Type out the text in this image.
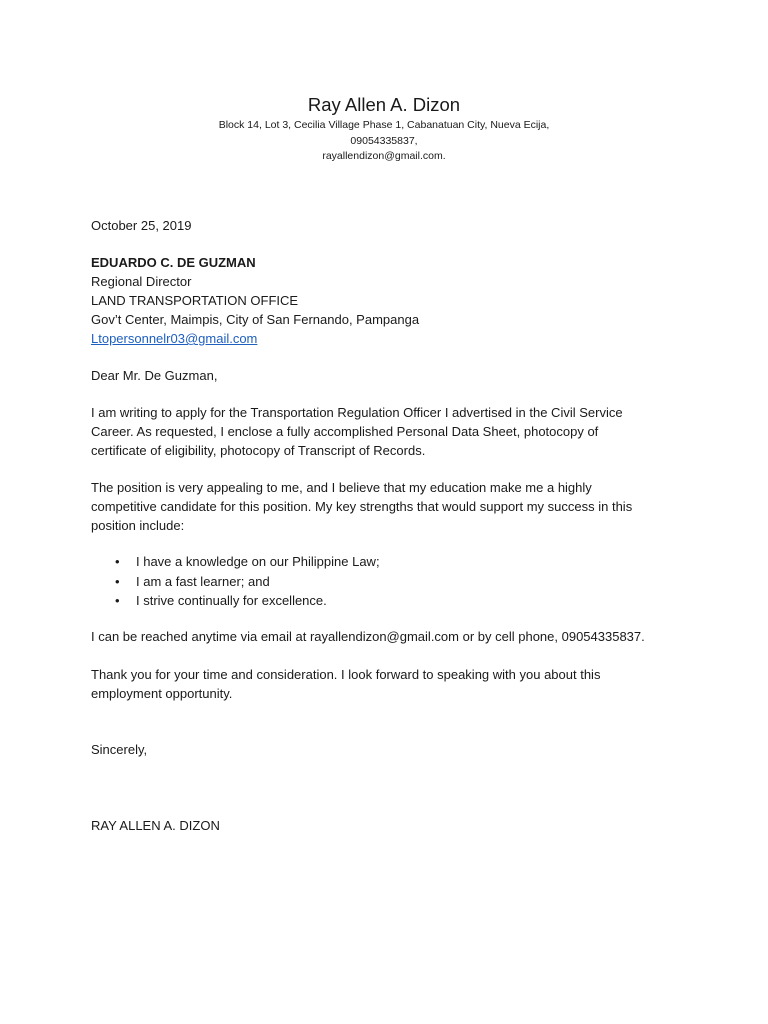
Ray Allen A. Dizon
Block 14, Lot 3, Cecilia Village Phase 1, Cabanatuan City, Nueva Ecija,
09054335837,
rayallendizon@gmail.com.
October 25, 2019
EDUARDO C. DE GUZMAN
Regional Director
LAND TRANSPORTATION OFFICE
Gov’t Center, Maimpis, City of San Fernando, Pampanga
Ltopersonnelr03@gmail.com
Dear Mr. De Guzman,
I am writing to apply for the Transportation Regulation Officer I advertised in the Civil Service
Career. As requested, I enclose a fully accomplished Personal Data Sheet, photocopy of
certificate of eligibility, photocopy of Transcript of Records.
The position is very appealing to me, and I believe that my education make me a highly
competitive candidate for this position. My key strengths that would support my success in this
position include:
• I have a knowledge on our Philippine Law;
• I am a fast learner; and
• I strive continually for excellence.
I can be reached anytime via email at rayallendizon@gmail.com or by cell phone, 09054335837.
Thank you for your time and consideration. I look forward to speaking with you about this
employment opportunity.
Sincerely,
RAY ALLEN A. DIZON
